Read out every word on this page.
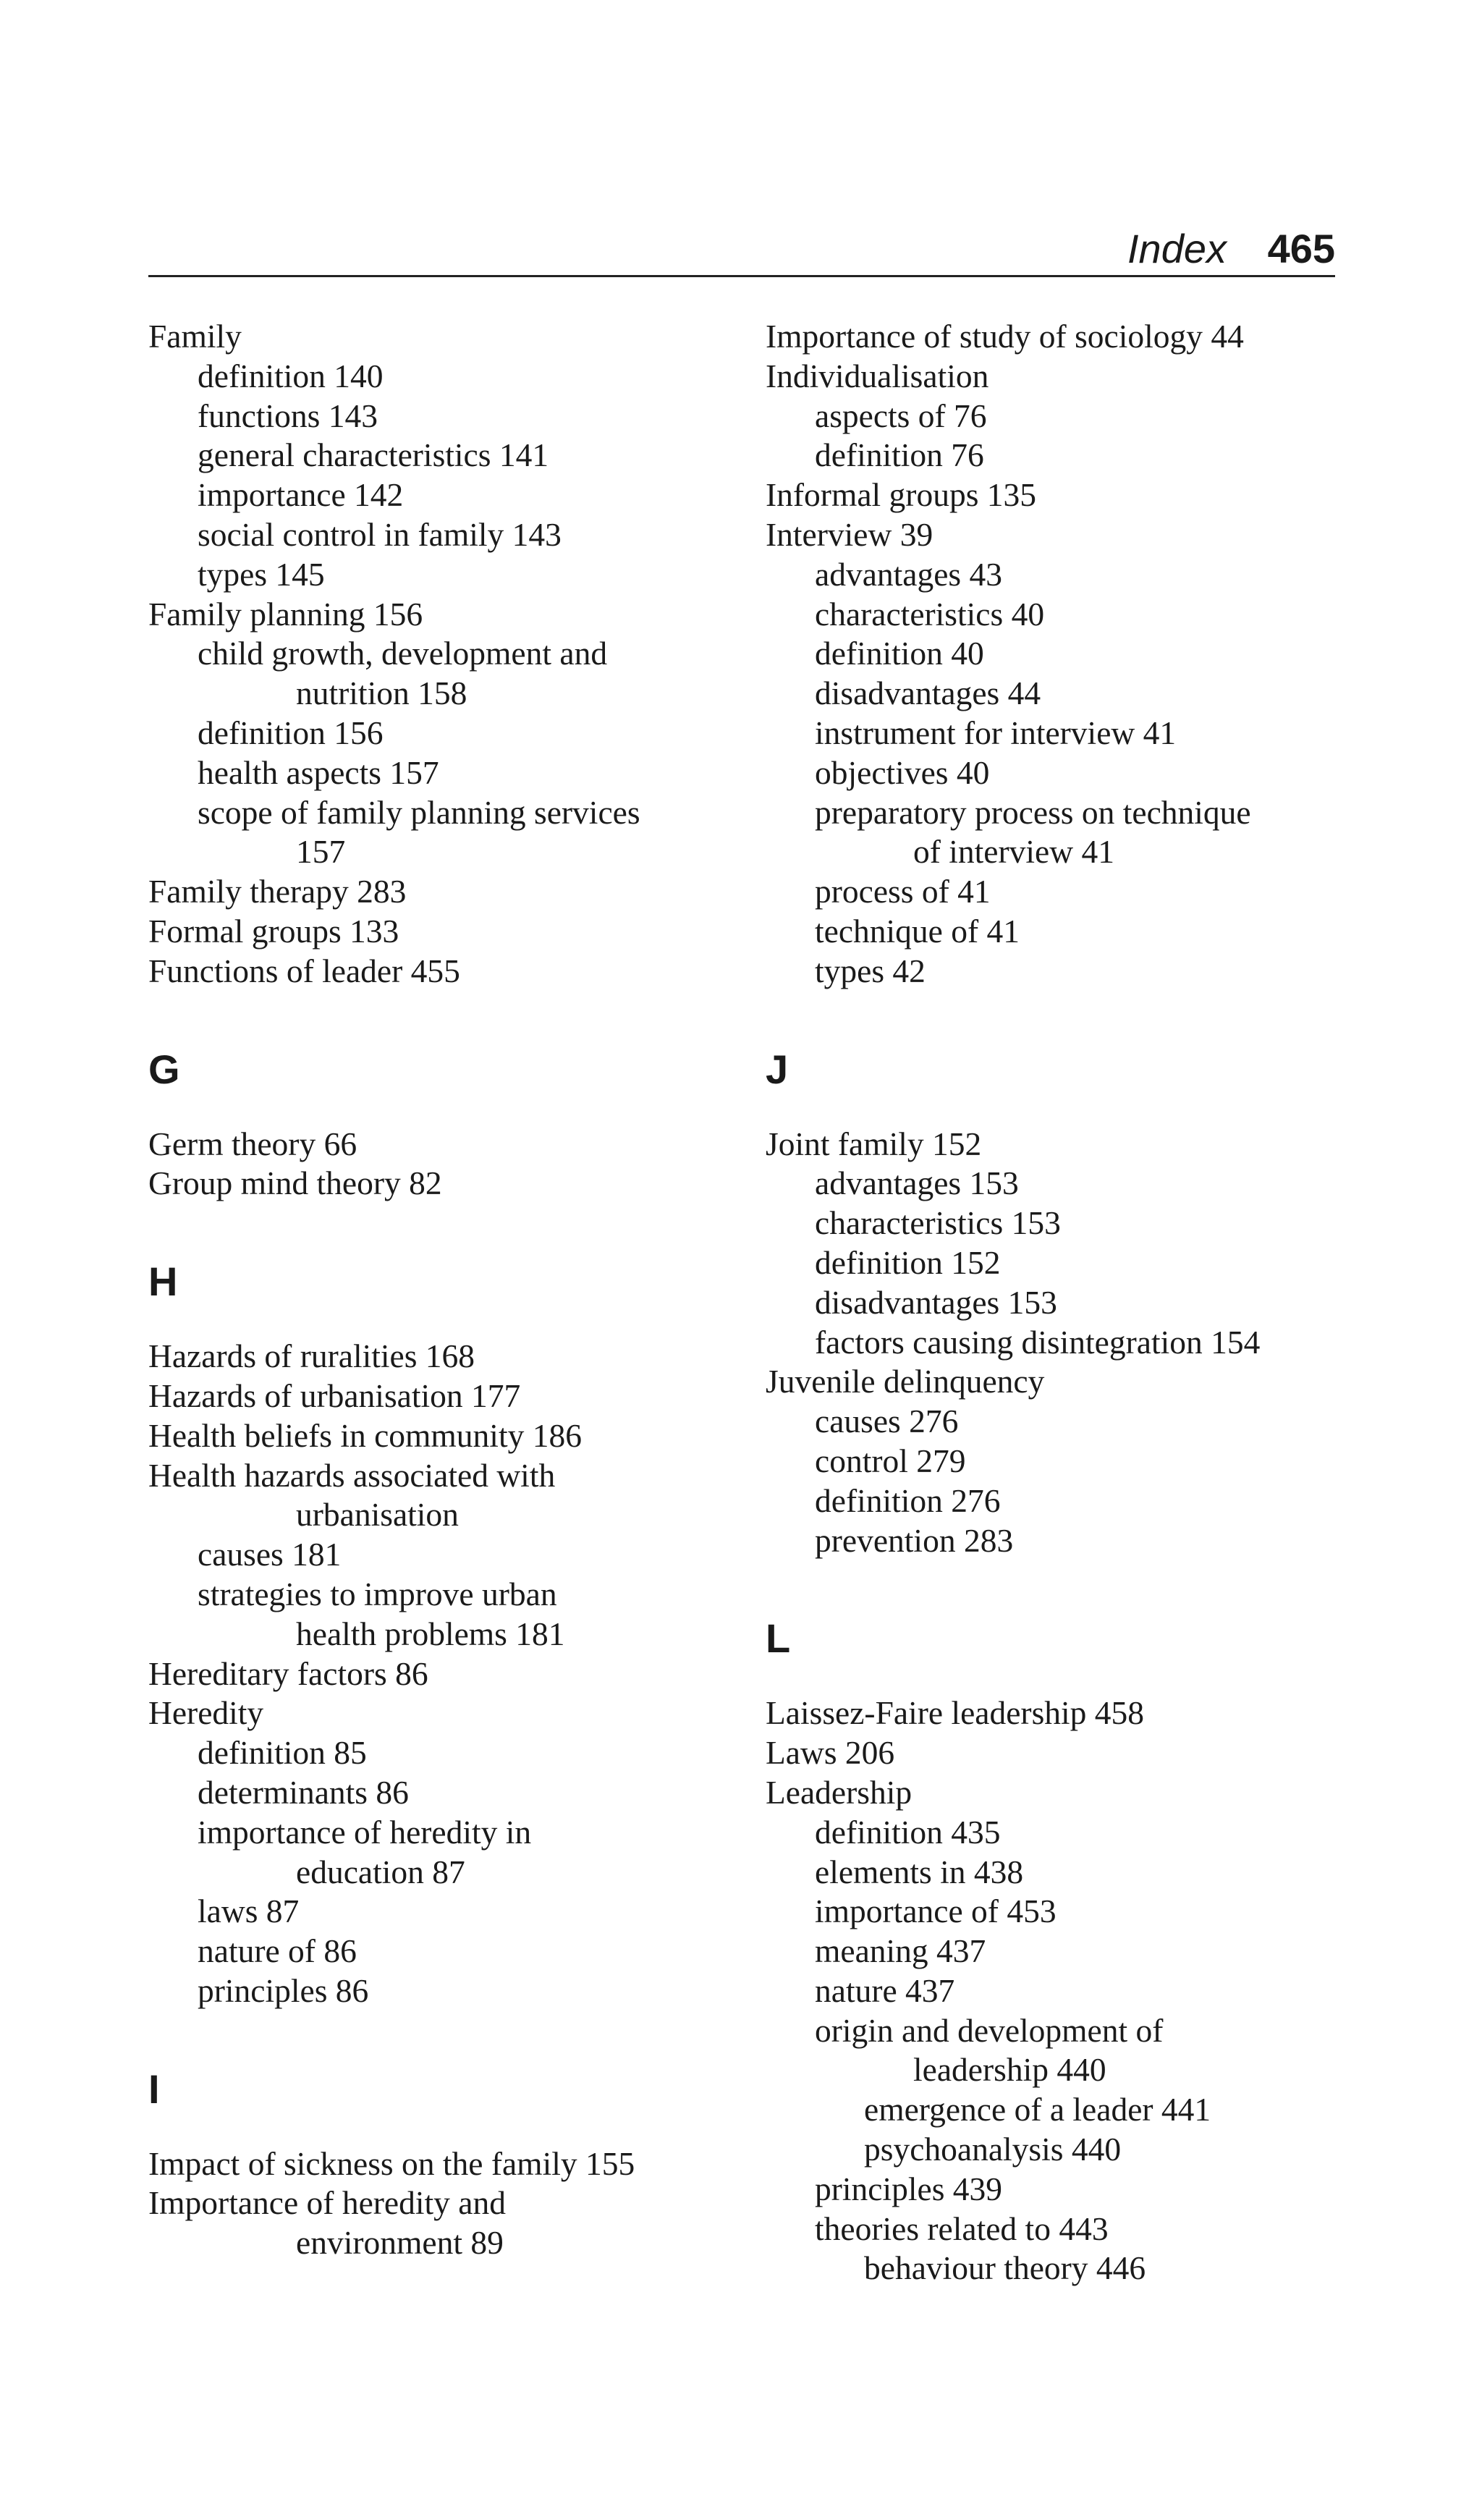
Index 465
Family
definition 140
functions 143
general characteristics 141
importance 142
social control in family 143
types 145
Family planning 156
child growth, development and
nutrition 158
definition 156
health aspects 157
scope of family planning services
157
Family therapy 283
Formal groups 133
Functions of leader 455
G
Germ theory 66
Group mind theory 82
H
Hazards of ruralities 168
Hazards of urbanisation 177
Health beliefs in community 186
Health hazards associated with
urbanisation
causes 181
strategies to improve urban
health problems 181
Hereditary factors 86
Heredity
definition 85
determinants 86
importance of heredity in
education 87
laws 87
nature of 86
principles 86
I
Impact of sickness on the family 155
Importance of heredity and
environment 89
Importance of study of sociology 44
Individualisation
aspects of 76
definition 76
Informal groups 135
Interview 39
advantages 43
characteristics 40
definition 40
disadvantages 44
instrument for interview 41
objectives 40
preparatory process on technique
of interview 41
process of 41
technique of 41
types 42
J
Joint family 152
advantages 153
characteristics 153
definition 152
disadvantages 153
factors causing disintegration 154
Juvenile delinquency
causes 276
control 279
definition 276
prevention 283
L
Laissez-Faire leadership 458
Laws 206
Leadership
definition 435
elements in 438
importance of 453
meaning 437
nature 437
origin and development of
leadership 440
emergence of a leader 441
psychoanalysis 440
principles 439
theories related to 443
behaviour theory 446
